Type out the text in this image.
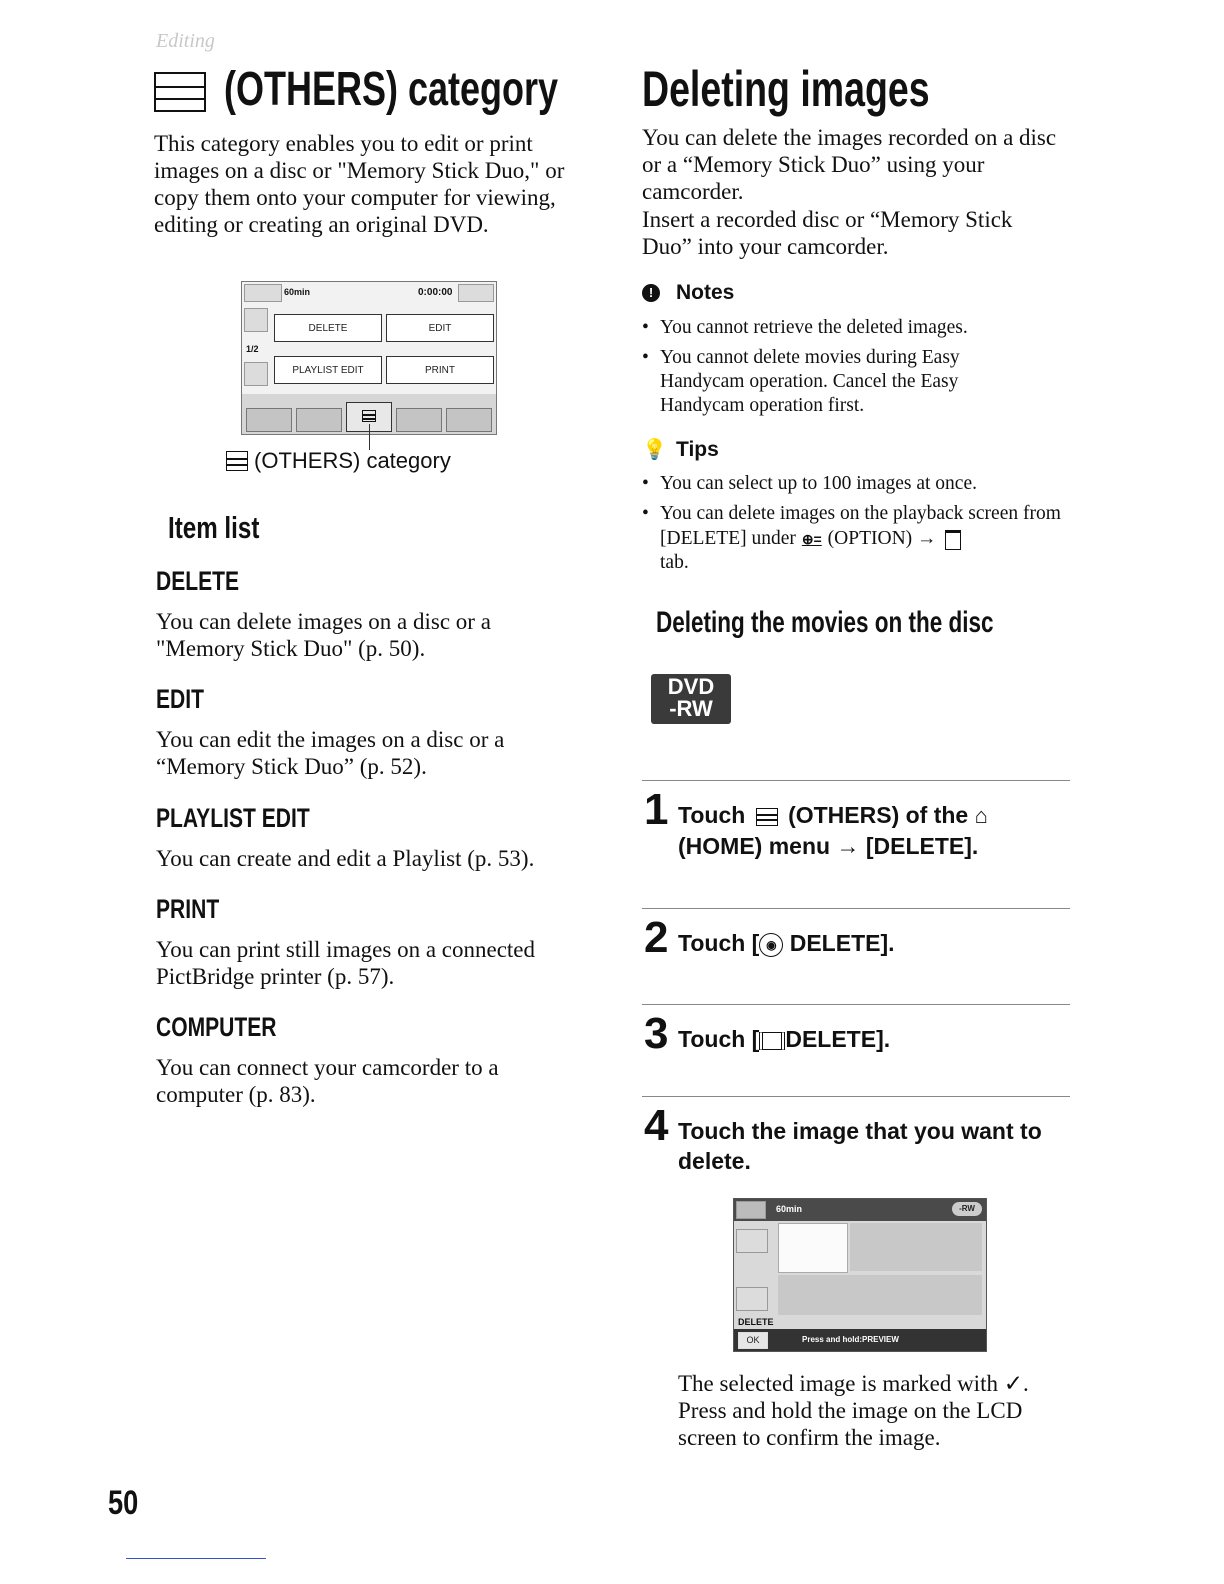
Editing
(OTHERS) category
This category enables you to edit or print images on a disc or "Memory Stick Duo," or copy them onto your computer for viewing, editing or creating an original DVD.
60min	0:00:00
1/2
DELETE	EDIT
PLAYLIST EDIT	PRINT
(OTHERS) category
Item list
DELETE
You can delete images on a disc or a "Memory Stick Duo" (p. 50).
EDIT
You can edit the images on a disc or a “Memory Stick Duo” (p. 52).
PLAYLIST EDIT
You can create and edit a Playlist (p. 53).
PRINT
You can print still images on a connected PictBridge printer (p. 57).
COMPUTER
You can connect your camcorder to a computer (p. 83).
50
Deleting images
You can delete the images recorded on a disc or a “Memory Stick Duo” using your camcorder.
Insert a recorded disc or “Memory Stick Duo” into your camcorder.
!	Notes
• You cannot retrieve the deleted images.
• You cannot delete movies during Easy Handycam operation. Cancel the Easy Handycam operation first.
💡 Tips
• You can select up to 100 images at once.
• You can delete images on the playback screen from [DELETE] under ⊕= (OPTION) →
tab.
Deleting the movies on the disc
DVD
-RW
1 Touch (OTHERS) of the ⌂
(HOME) menu → [DELETE].
2 Touch [ ◉ DELETE].
3 Touch [ DELETE].
4 Touch the image that you want to delete.
60min	-RW
DELETE
OK	Press and hold:PREVIEW
The selected image is marked with ✓. Press and hold the image on the LCD screen to confirm the image.
